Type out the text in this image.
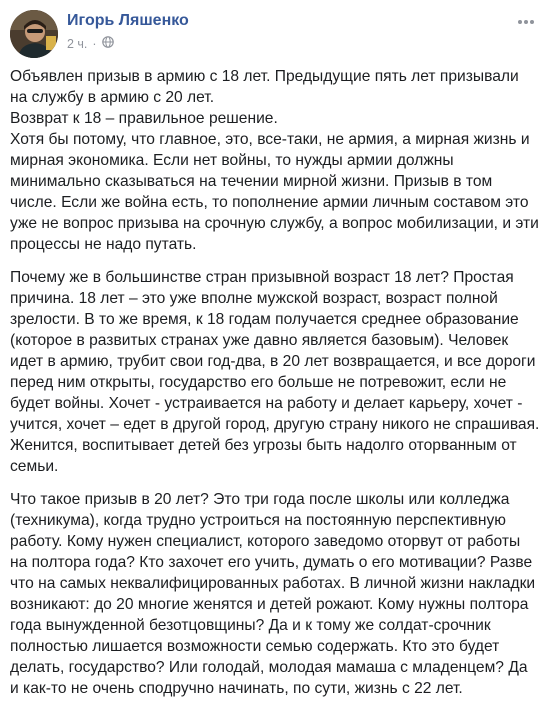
Игорь Ляшенко
2 ч. ·

Объявлен призыв в армию с 18 лет. Предыдущие пять лет призывали на службу в армию с 20 лет.
Возврат к 18 – правильное решение.
Хотя бы потому, что главное, это, все-таки, не армия, а мирная жизнь и мирная экономика. Если нет войны, то нужды армии должны минимально сказываться на течении мирной жизни. Призыв в том числе. Если же война есть, то пополнение армии личным составом это уже не вопрос призыва на срочную службу, а вопрос мобилизации, и эти процессы не надо путать.

Почему же в большинстве стран призывной возраст 18 лет? Простая причина. 18 лет – это уже вполне мужской возраст, возраст полной зрелости. В то же время, к 18 годам получается среднее образование (которое в развитых странах уже давно является базовым). Человек идет в армию, трубит свои год-два, в 20 лет возвращается, и все дороги перед ним открыты, государство его больше не потревожит, если не будет войны. Хочет - устраивается на работу и делает карьеру, хочет - учится, хочет – едет в другой город, другую страну никого не спрашивая. Женится, воспитывает детей без угрозы быть надолго оторванным от семьи.

Что такое призыв в 20 лет? Это три года после школы или колледжа (техникума), когда трудно устроиться на постоянную перспективную работу. Кому нужен специалист, которого заведомо оторвут от работы на полтора года? Кто захочет его учить, думать о его мотивации? Разве что на самых неквалифицированных работах. В личной жизни накладки возникают: до 20 многие женятся и детей рожают. Кому нужны полтора года вынужденной безотцовщины? Да и к тому же солдат-срочник полностью лишается возможности семью содержать. Кто это будет делать, государство? Или голодай, молодая мамаша с младенцем? Да и как-то не очень сподручно начинать, по сути, жизнь с 22 лет.
